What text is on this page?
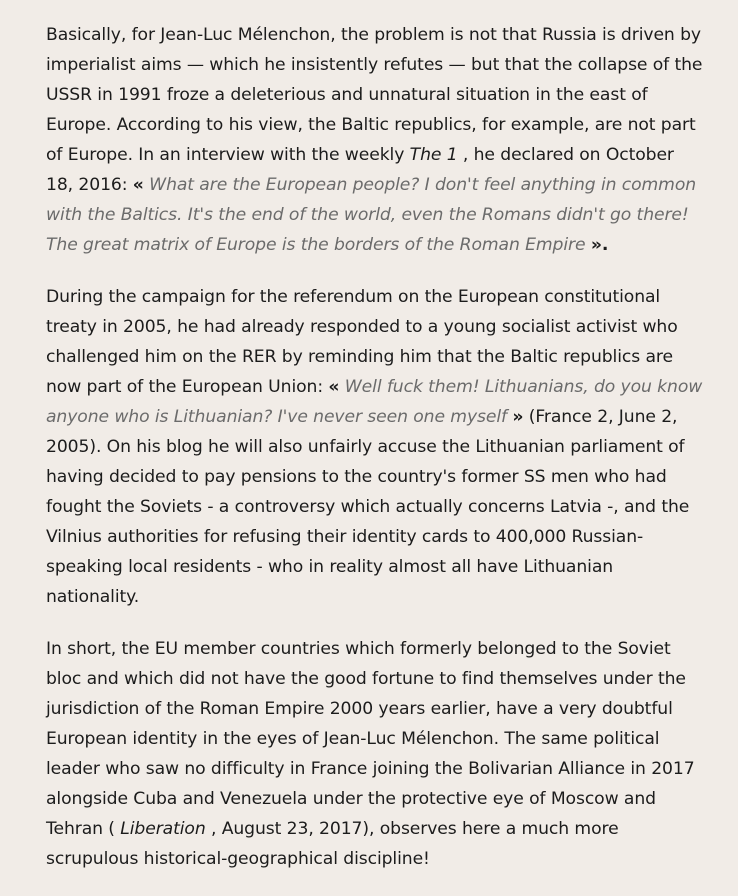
Basically, for Jean-Luc Mélenchon, the problem is not that Russia is driven by imperialist aims — which he insistently refutes — but that the collapse of the USSR in 1991 froze a deleterious and unnatural situation in the east of Europe. According to his view, the Baltic republics, for example, are not part of Europe. In an interview with the weekly The 1 , he declared on October 18, 2016: « What are the European people? I don't feel anything in common with the Baltics. It's the end of the world, even the Romans didn't go there! The great matrix of Europe is the borders of the Roman Empire ».

During the campaign for the referendum on the European constitutional treaty in 2005, he had already responded to a young socialist activist who challenged him on the RER by reminding him that the Baltic republics are now part of the European Union: « Well fuck them! Lithuanians, do you know anyone who is Lithuanian? I've never seen one myself » (France 2, June 2, 2005). On his blog he will also unfairly accuse the Lithuanian parliament of having decided to pay pensions to the country's former SS men who had fought the Soviets - a controversy which actually concerns Latvia -, and the Vilnius authorities for refusing their identity cards to 400,000 Russian-speaking local residents - who in reality almost all have Lithuanian nationality.

In short, the EU member countries which formerly belonged to the Soviet bloc and which did not have the good fortune to find themselves under the jurisdiction of the Roman Empire 2000 years earlier, have a very doubtful European identity in the eyes of Jean-Luc Mélenchon. The same political leader who saw no difficulty in France joining the Bolivarian Alliance in 2017 alongside Cuba and Venezuela under the protective eye of Moscow and Tehran ( Liberation , August 23, 2017), observes here a much more scrupulous historical-geographical discipline!
